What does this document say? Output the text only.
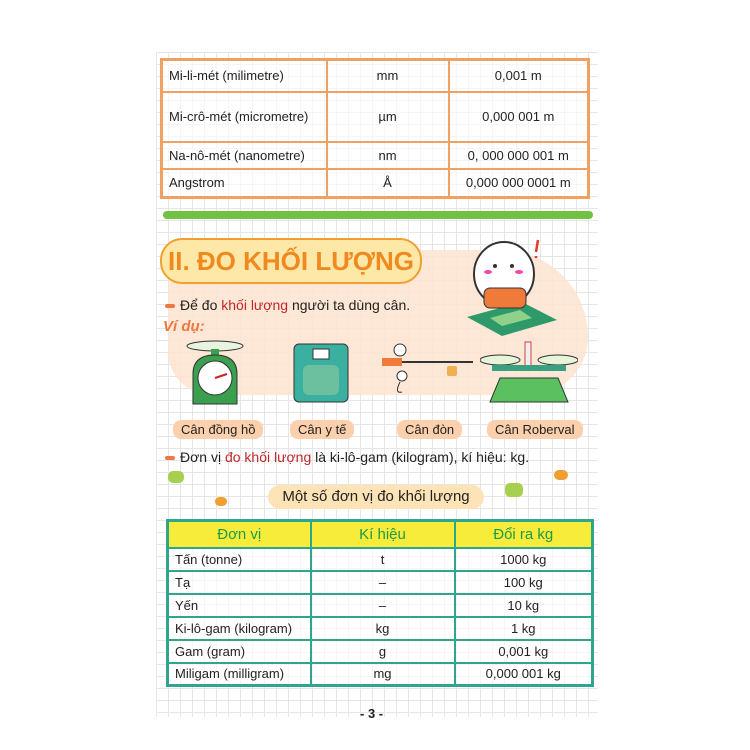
Mi-li-mét (milimetre)	mm	0,001 m
Mi-crô-mét (micrometre)	µm	0,000 001 m
Na-nô-mét (nanometre)	nm	0, 000 000 001 m
Angstrom	Å	0,000 000 0001 m
II. ĐO KHỐI LƯỢNG
Để đo khối lượng người ta dùng cân.
Ví dụ:
Cân đồng hồ	Cân y tế	Cân đòn	Cân Roberval
Đơn vị đo khối lượng là ki-lô-gam (kilogram), kí hiệu: kg.
Một số đơn vị đo khối lượng
Đơn vị	Kí hiệu	Đổi ra kg
Tấn (tonne)	t	1000 kg
Tạ	–	100 kg
Yến	–	10 kg
Ki-lô-gam (kilogram)	kg	1 kg
Gam (gram)	g	0,001 kg
Miligam (milligram)	mg	0,000 001 kg
- 3 -
